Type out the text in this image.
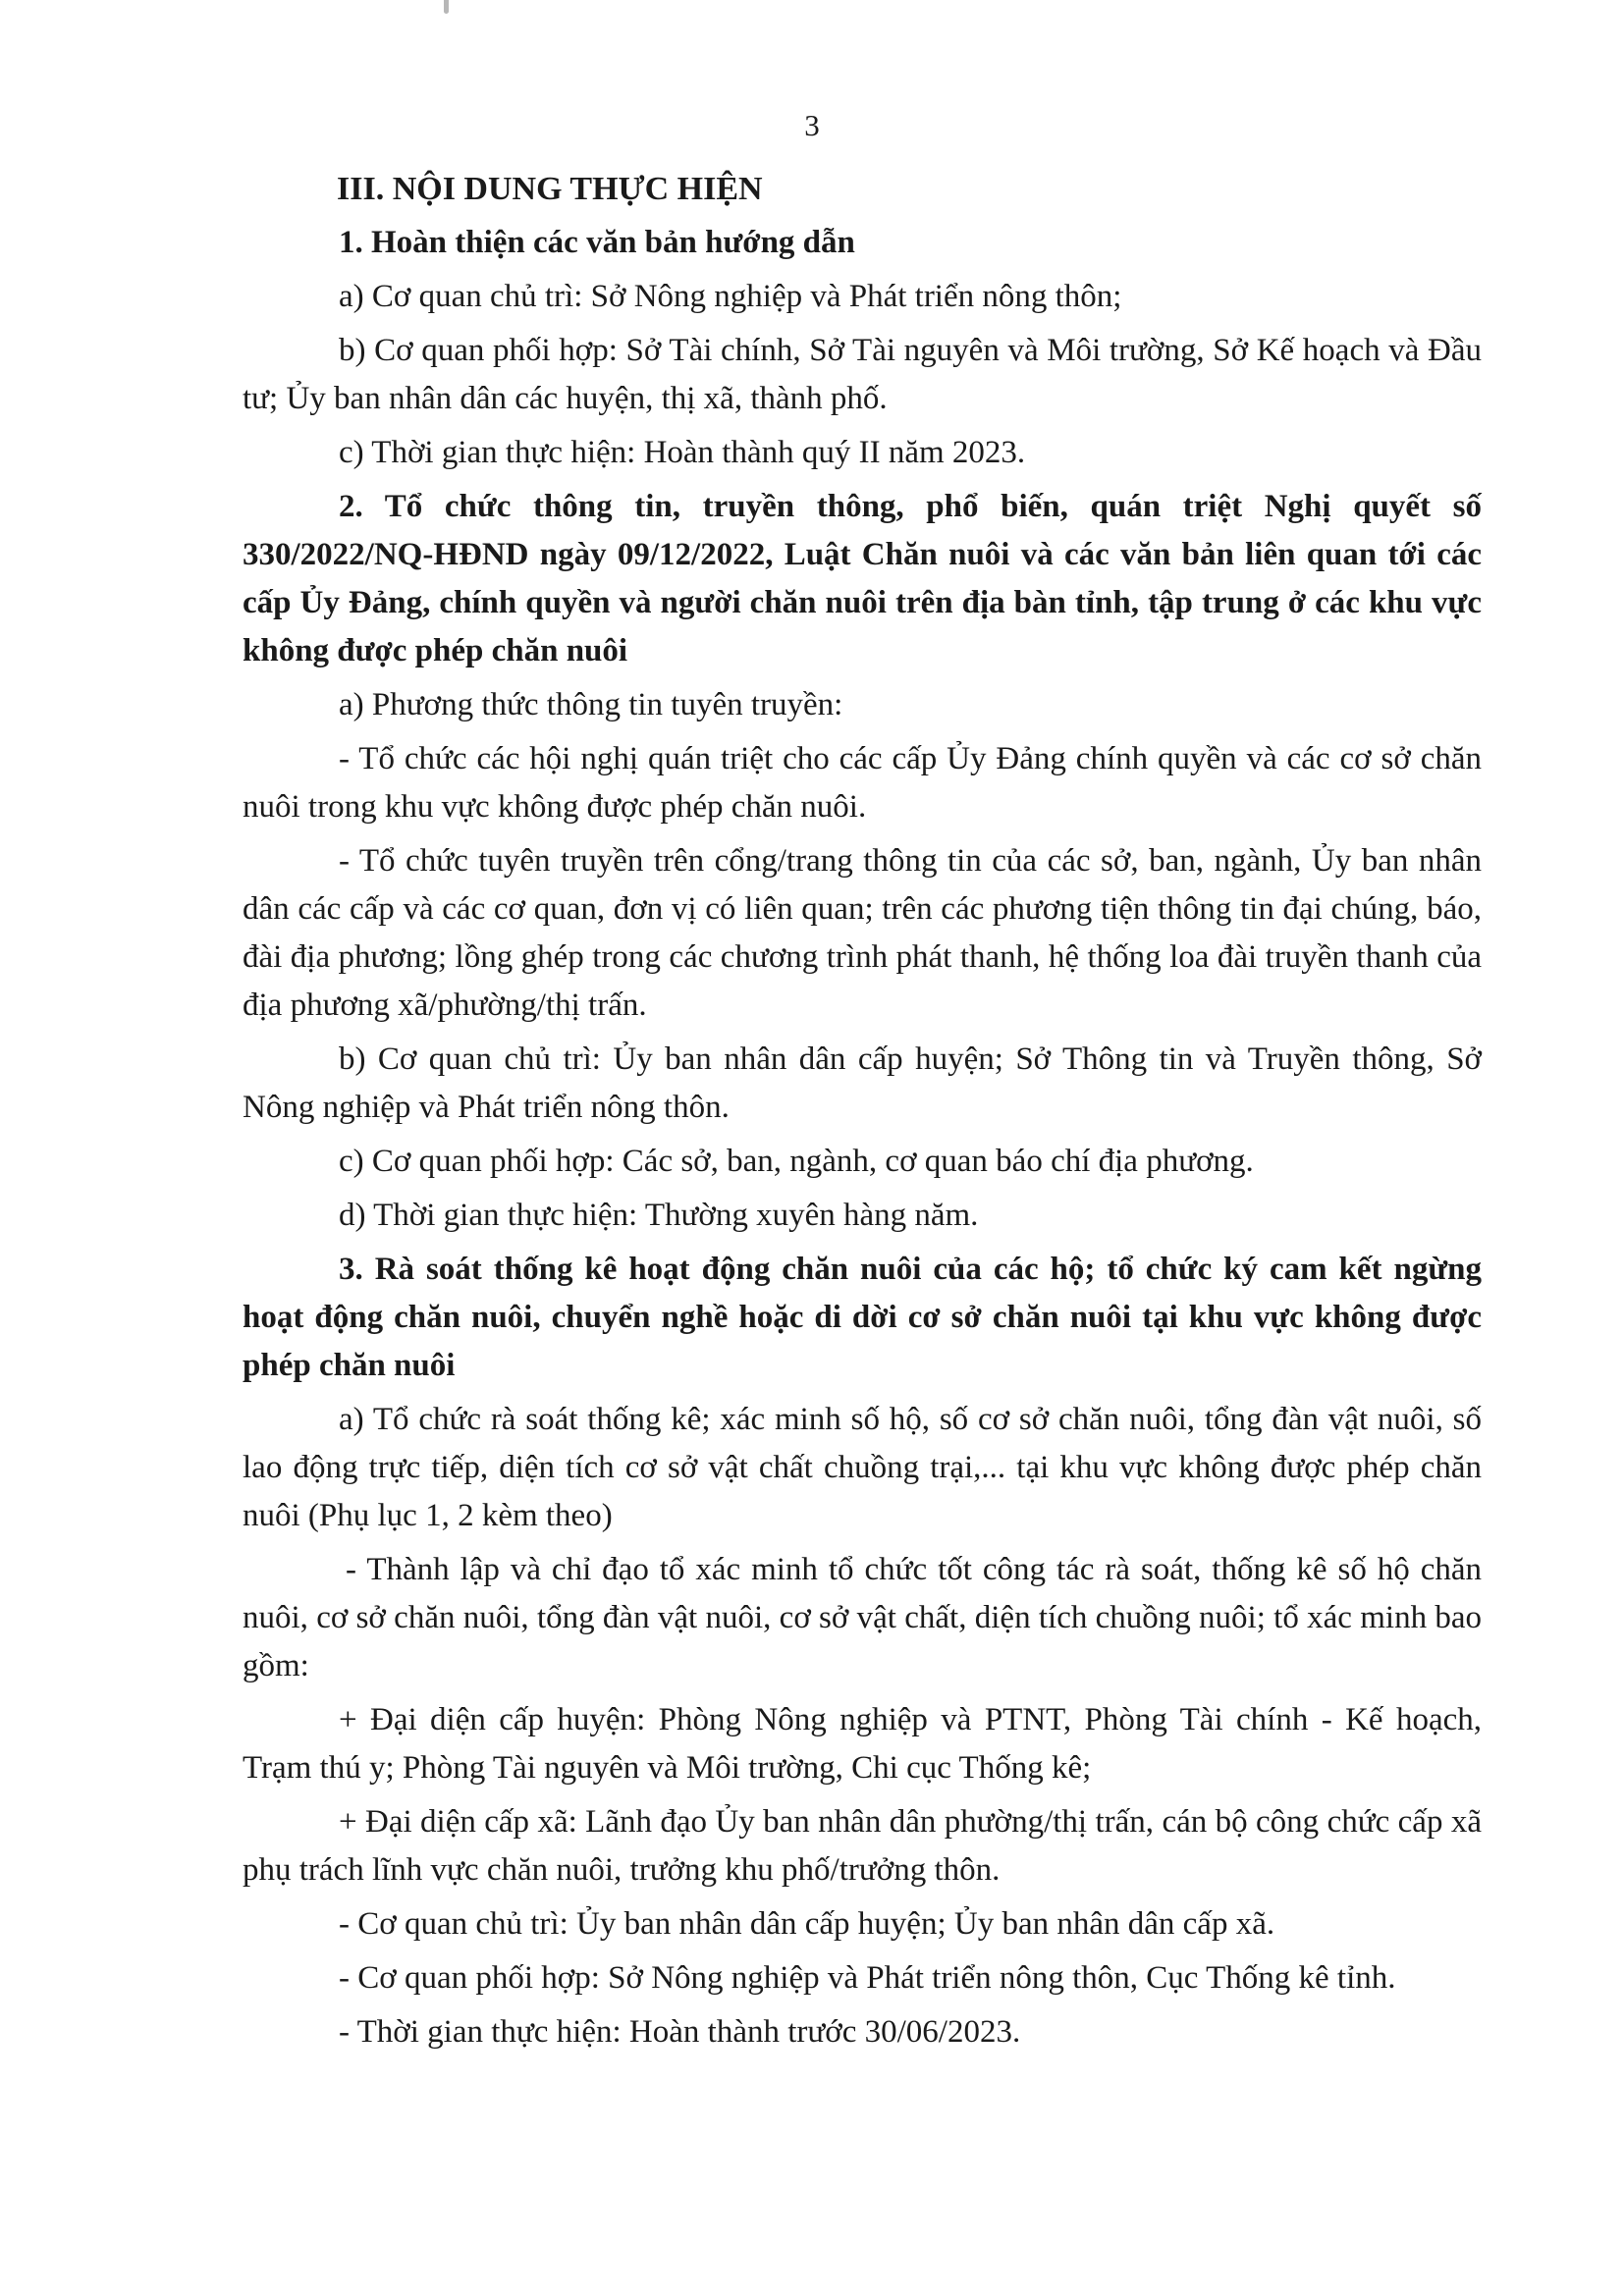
3

III. NỘI DUNG THỰC HIỆN

1. Hoàn thiện các văn bản hướng dẫn

a) Cơ quan chủ trì: Sở Nông nghiệp và Phát triển nông thôn;

b) Cơ quan phối hợp: Sở Tài chính, Sở Tài nguyên và Môi trường, Sở Kế hoạch và Đầu tư; Ủy ban nhân dân các huyện, thị xã, thành phố.

c) Thời gian thực hiện: Hoàn thành quý II năm 2023.

2. Tổ chức thông tin, truyền thông, phổ biến, quán triệt Nghị quyết số 330/2022/NQ-HĐND ngày 09/12/2022, Luật Chăn nuôi và các văn bản liên quan tới các cấp Ủy Đảng, chính quyền và người chăn nuôi trên địa bàn tỉnh, tập trung ở các khu vực không được phép chăn nuôi

a) Phương thức thông tin tuyên truyền:

- Tổ chức các hội nghị quán triệt cho các cấp Ủy Đảng chính quyền và các cơ sở chăn nuôi trong khu vực không được phép chăn nuôi.

- Tổ chức tuyên truyền trên cổng/trang thông tin của các sở, ban, ngành, Ủy ban nhân dân các cấp và các cơ quan, đơn vị có liên quan; trên các phương tiện thông tin đại chúng, báo, đài địa phương; lồng ghép trong các chương trình phát thanh, hệ thống loa đài truyền thanh của địa phương xã/phường/thị trấn.

b) Cơ quan chủ trì: Ủy ban nhân dân cấp huyện; Sở Thông tin và Truyền thông, Sở Nông nghiệp và Phát triển nông thôn.

c) Cơ quan phối hợp: Các sở, ban, ngành, cơ quan báo chí địa phương.

d) Thời gian thực hiện: Thường xuyên hàng năm.

3. Rà soát thống kê hoạt động chăn nuôi của các hộ; tổ chức ký cam kết ngừng hoạt động chăn nuôi, chuyển nghề hoặc di dời cơ sở chăn nuôi tại khu vực không được phép chăn nuôi

a) Tổ chức rà soát thống kê; xác minh số hộ, số cơ sở chăn nuôi, tổng đàn vật nuôi, số lao động trực tiếp, diện tích cơ sở vật chất chuồng trại,... tại khu vực không được phép chăn nuôi (Phụ lục 1, 2 kèm theo)

- Thành lập và chỉ đạo tổ xác minh tổ chức tốt công tác rà soát, thống kê số hộ chăn nuôi, cơ sở chăn nuôi, tổng đàn vật nuôi, cơ sở vật chất, diện tích chuồng nuôi; tổ xác minh bao gồm:

+ Đại diện cấp huyện: Phòng Nông nghiệp và PTNT, Phòng Tài chính - Kế hoạch, Trạm thú y; Phòng Tài nguyên và Môi trường, Chi cục Thống kê;

+ Đại diện cấp xã: Lãnh đạo Ủy ban nhân dân phường/thị trấn, cán bộ công chức cấp xã phụ trách lĩnh vực chăn nuôi, trưởng khu phố/trưởng thôn.

- Cơ quan chủ trì: Ủy ban nhân dân cấp huyện; Ủy ban nhân dân cấp xã.

- Cơ quan phối hợp: Sở Nông nghiệp và Phát triển nông thôn, Cục Thống kê tỉnh.

- Thời gian thực hiện: Hoàn thành trước 30/06/2023.
